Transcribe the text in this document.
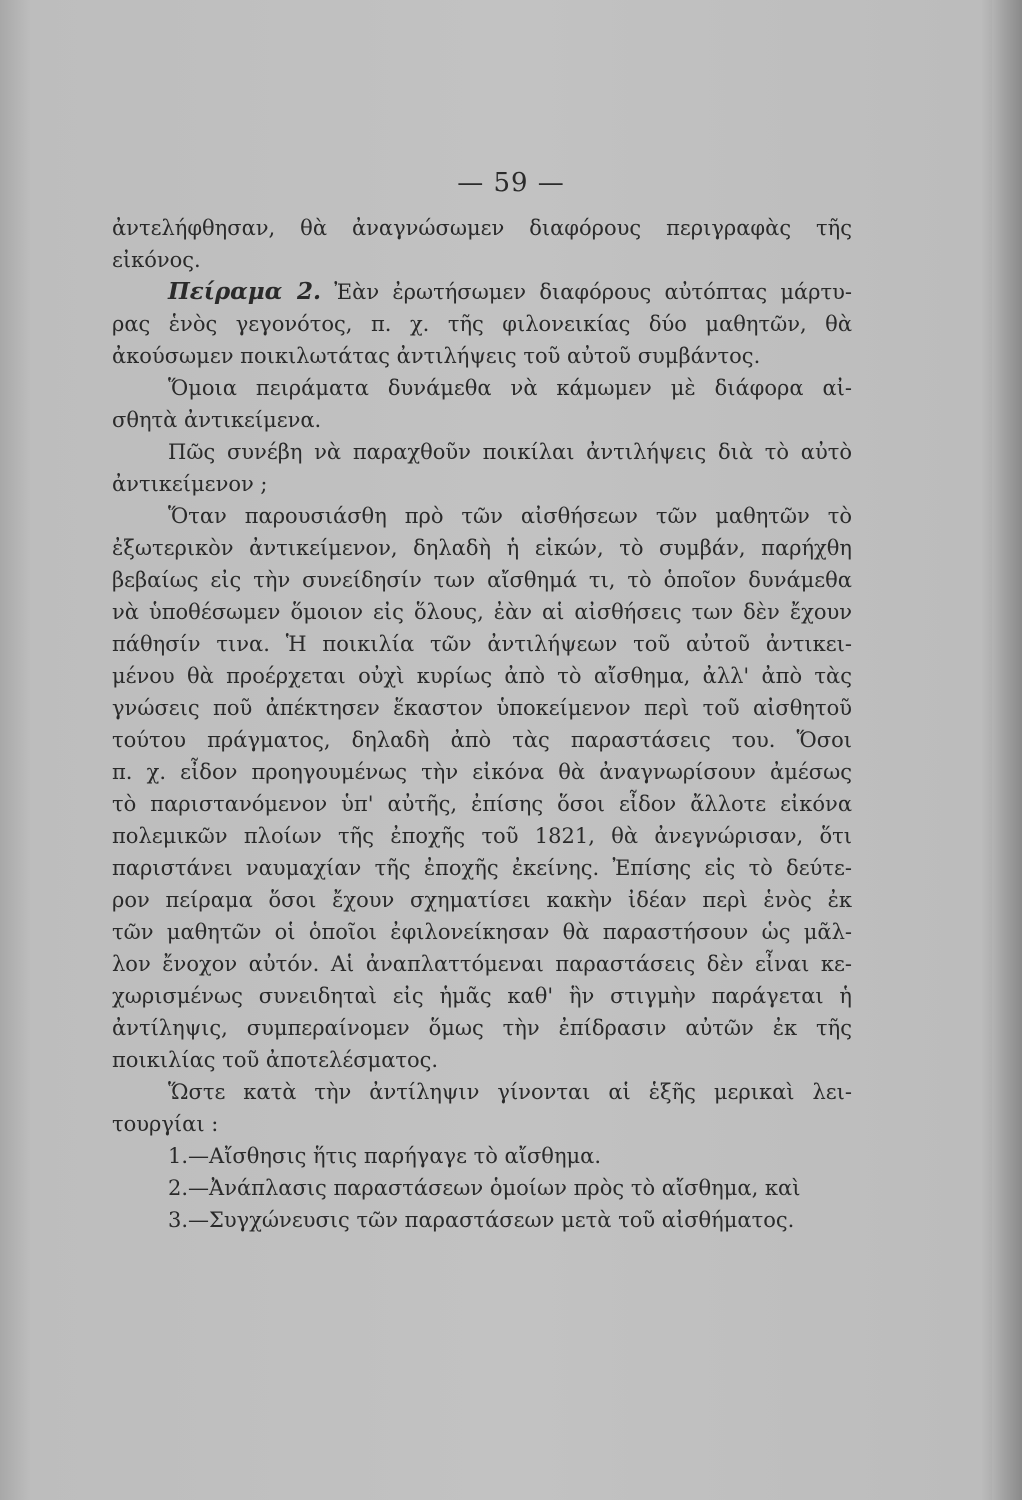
— 59 —
ἀντελήφθησαν, θὰ ἀναγνώσωμεν διαφόρους περιγραφὰς τῆς
εἰκόνος.
Πείραμα 2. Ἐὰν ἐρωτήσωμεν διαφόρους αὐτόπτας μάρτυ-
ρας ἑνὸς γεγονότος, π. χ. τῆς φιλονεικίας δύο μαθητῶν, θὰ
ἀκούσωμεν ποικιλωτάτας ἀντιλήψεις τοῦ αὐτοῦ συμβάντος.
Ὅμοια πειράματα δυνάμεθα νὰ κάμωμεν μὲ διάφορα αἰ-
σθητὰ ἀντικείμενα.
Πῶς συνέβη νὰ παραχθοῦν ποικίλαι ἀντιλήψεις διὰ τὸ αὐτὸ
ἀντικείμενον ;
Ὅταν παρουσιάσθη πρὸ τῶν αἰσθήσεων τῶν μαθητῶν τὸ
ἐξωτερικὸν ἀντικείμενον, δηλαδὴ ἡ εἰκών, τὸ συμβάν, παρήχθη
βεβαίως εἰς τὴν συνείδησίν των αἴσθημά τι, τὸ ὁποῖον δυνάμεθα
νὰ ὑποθέσωμεν ὅμοιον εἰς ὅλους, ἐὰν αἱ αἰσθήσεις των δὲν ἔχουν
πάθησίν τινα. Ἡ ποικιλία τῶν ἀντιλήψεων τοῦ αὐτοῦ ἀντικει-
μένου θὰ προέρχεται οὐχὶ κυρίως ἀπὸ τὸ αἴσθημα, ἀλλ' ἀπὸ τὰς
γνώσεις ποῦ ἀπέκτησεν ἕκαστον ὑποκείμενον περὶ τοῦ αἰσθητοῦ
τούτου πράγματος, δηλαδὴ ἀπὸ τὰς παραστάσεις του. Ὅσοι
π. χ. εἶδον προηγουμένως τὴν εἰκόνα θὰ ἀναγνωρίσουν ἀμέσως
τὸ παριστανόμενον ὑπ' αὐτῆς, ἐπίσης ὅσοι εἶδον ἄλλοτε εἰκόνα
πολεμικῶν πλοίων τῆς ἐποχῆς τοῦ 1821, θὰ ἀνεγνώρισαν, ὅτι
παριστάνει ναυμαχίαν τῆς ἐποχῆς ἐκείνης. Ἐπίσης εἰς τὸ δεύτε-
ρον πείραμα ὅσοι ἔχουν σχηματίσει κακὴν ἰδέαν περὶ ἑνὸς ἐκ
τῶν μαθητῶν οἱ ὁποῖοι ἐφιλονείκησαν θὰ παραστήσουν ὡς μᾶλ-
λον ἔνοχον αὐτόν. Αἱ ἀναπλαττόμεναι παραστάσεις δὲν εἶναι κε-
χωρισμένως συνειδηταὶ εἰς ἡμᾶς καθ' ἣν στιγμὴν παράγεται ἡ
ἀντίληψις, συμπεραίνομεν ὅμως τὴν ἐπίδρασιν αὐτῶν ἐκ τῆς
ποικιλίας τοῦ ἀποτελέσματος.
Ὥστε κατὰ τὴν ἀντίληψιν γίνονται αἱ ἑξῆς μερικαὶ λει-
τουργίαι :
1.—Αἴσθησις ἥτις παρήγαγε τὸ αἴσθημα.
2.—Ἀνάπλασις παραστάσεων ὁμοίων πρὸς τὸ αἴσθημα, καὶ
3.—Συγχώνευσις τῶν παραστάσεων μετὰ τοῦ αἰσθήματος.
